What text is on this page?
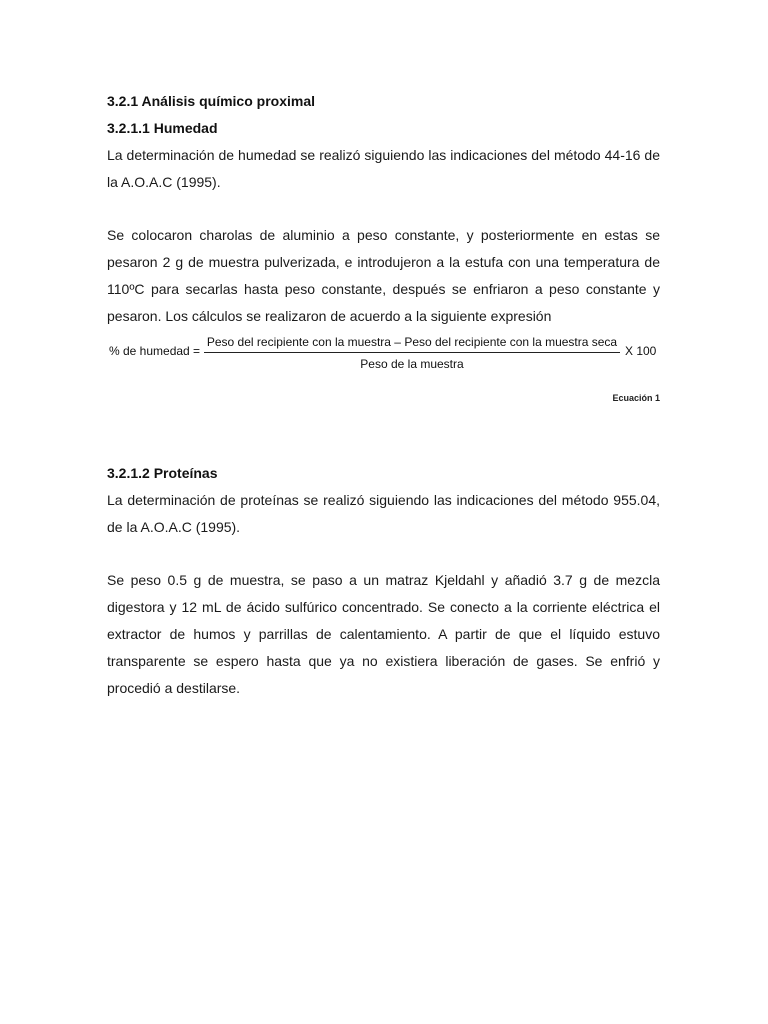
3.2.1 Análisis químico proximal
3.2.1.1 Humedad

La determinación de humedad se realizó siguiendo las indicaciones del método 44-16 de la A.O.A.C (1995).

Se colocaron charolas de aluminio a peso constante, y posteriormente en estas se pesaron 2 g de muestra pulverizada, e introdujeron a la estufa con una temperatura de 110ºC para secarlas hasta peso constante, después se enfriaron a peso constante y pesaron. Los cálculos se realizaron de acuerdo a la siguiente expresión

% de humedad =
Peso del recipiente con la muestra – Peso del recipiente con la muestra seca
Peso de la muestra
X 100
Ecuación 1
3.2.1.2 Proteínas

La determinación de proteínas se realizó siguiendo las indicaciones del método 955.04, de la A.O.A.C (1995).

Se peso 0.5 g de muestra, se paso a un matraz Kjeldahl y añadió 3.7 g de mezcla digestora y 12 mL de ácido sulfúrico concentrado. Se conecto a la corriente eléctrica el extractor de humos y parrillas de calentamiento. A partir de que el líquido estuvo transparente se espero hasta que ya no existiera liberación de gases. Se enfrió y procedió a destilarse.
